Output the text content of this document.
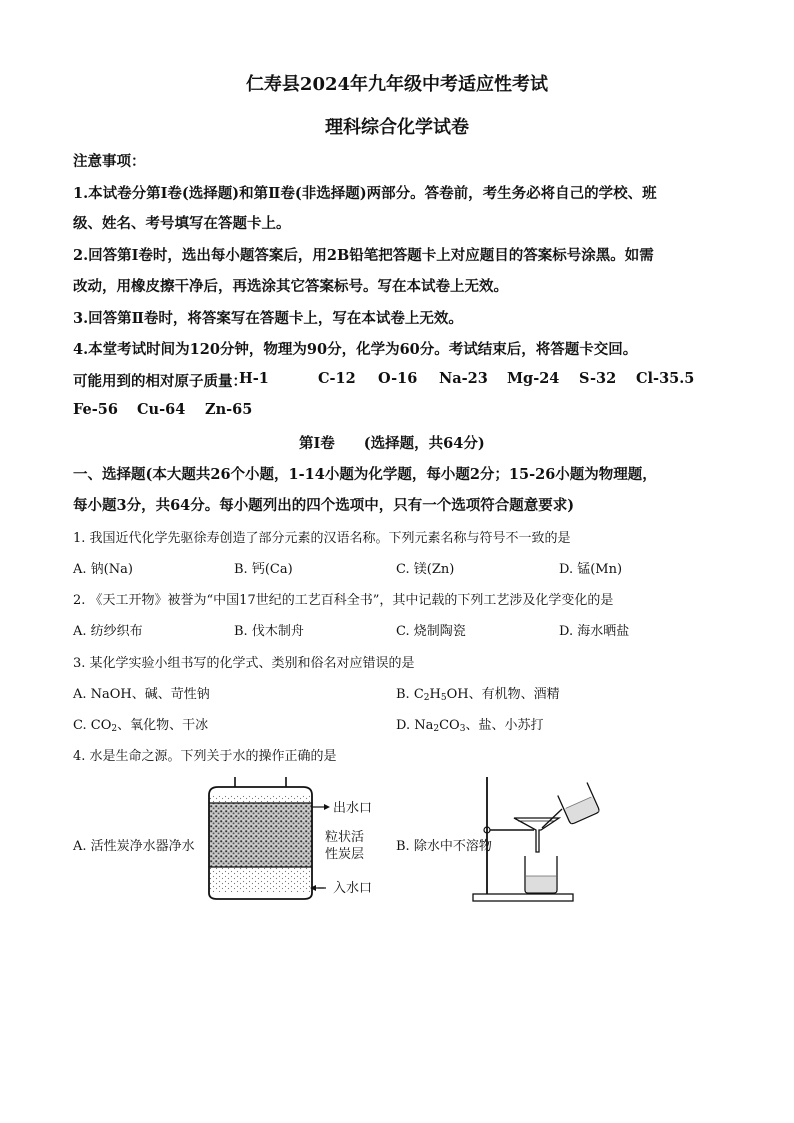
仁寿县2024年九年级中考适应性考试
理科综合化学试卷
注意事项：
1.本试卷分第Ⅰ卷(选择题)和第Ⅱ卷(非选择题)两部分。答卷前，考生务必将自己的学校、班
级、姓名、考号填写在答题卡上。
2.回答第Ⅰ卷时，选出每小题答案后，用2B铅笔把答题卡上对应题目的答案标号涂黑。如需
改动，用橡皮擦干净后，再选涂其它答案标号。写在本试卷上无效。
3.回答第Ⅱ卷时，将答案写在答题卡上，写在本试卷上无效。
4.本堂考试时间为120分钟，物理为90分，化学为60分。考试结束后，将答题卡交回。
可能用到的相对原子质量：
H-1	C-12 O-16 Na-23 Mg-24 S-32 Cl-35.5
Fe-56 Cu-64 Zn-65
第Ⅰ卷　　(选择题，共64分)
一、选择题(本大题共26个小题，1-14小题为化学题，每小题2分；15-26小题为物理题，
每小题3分，共64分。每小题列出的四个选项中，只有一个选项符合题意要求)
1. 我国近代化学先驱徐寿创造了部分元素的汉语名称。下列元素名称与符号不一致的是
A. 钠(Na)	B. 钙(Ca)	C. 镁(Zn)	D. 锰(Mn)
2. 《天工开物》被誉为“中国17世纪的工艺百科全书”，其中记载的下列工艺涉及化学变化的是
A. 纺纱织布	B. 伐木制舟	C. 烧制陶瓷	D. 海水晒盐
3. 某化学实验小组书写的化学式、类别和俗名对应错误的是
A. NaOH、碱、苛性钠	B. $C_2H_5OH$、有机物、酒精
C. $CO_2$、氧化物、干冰	D. $Na_2CO_3$、盐、小苏打
4. 水是生命之源。下列关于水的操作正确的是
A. 活性炭净水器净水	B. 除水中不溶物
出水口
粒状活
性炭层
入水口
